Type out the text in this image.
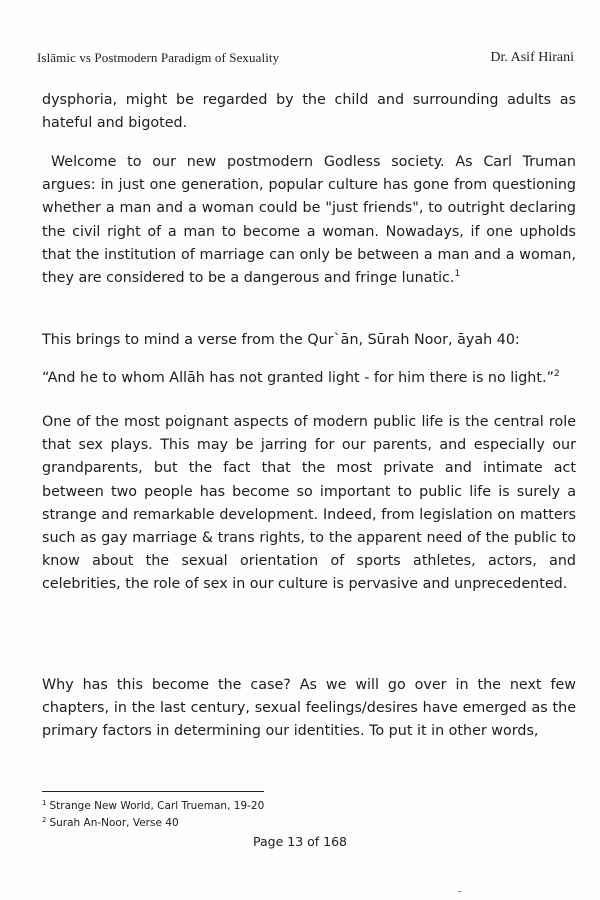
Islāmic vs Postmodern Paradigm of Sexuality	Dr. Asif Hirani

dysphoria, might be regarded by the child and surrounding adults as hateful and bigoted.

Welcome to our new postmodern Godless society. As Carl Truman argues: in just one generation, popular culture has gone from questioning whether a man and a woman could be "just friends", to outright declaring the civil right of a man to become a woman. Nowadays, if one upholds that the institution of marriage can only be between a man and a woman, they are considered to be a dangerous and fringe lunatic.$^1$

This brings to mind a verse from the Qur`ān, Sūrah Noor, āyah 40:

“And he to whom Allāh has not granted light - for him there is no light.”$^2$

One of the most poignant aspects of modern public life is the central role that sex plays. This may be jarring for our parents, and especially our grandparents, but the fact that the most private and intimate act between two people has become so important to public life is surely a strange and remarkable development. Indeed, from legislation on matters such as gay marriage & trans rights, to the apparent need of the public to know about the sexual orientation of sports athletes, actors, and celebrities, the role of sex in our culture is pervasive and unprecedented.

Why has this become the case? As we will go over in the next few chapters, in the last century, sexual feelings/desires have emerged as the primary factors in determining our identities. To put it in other words,

$^1$ Strange New World, Carl Trueman, 19-20
$^2$ Surah An-Noor, Verse 40
Page 13 of 168
